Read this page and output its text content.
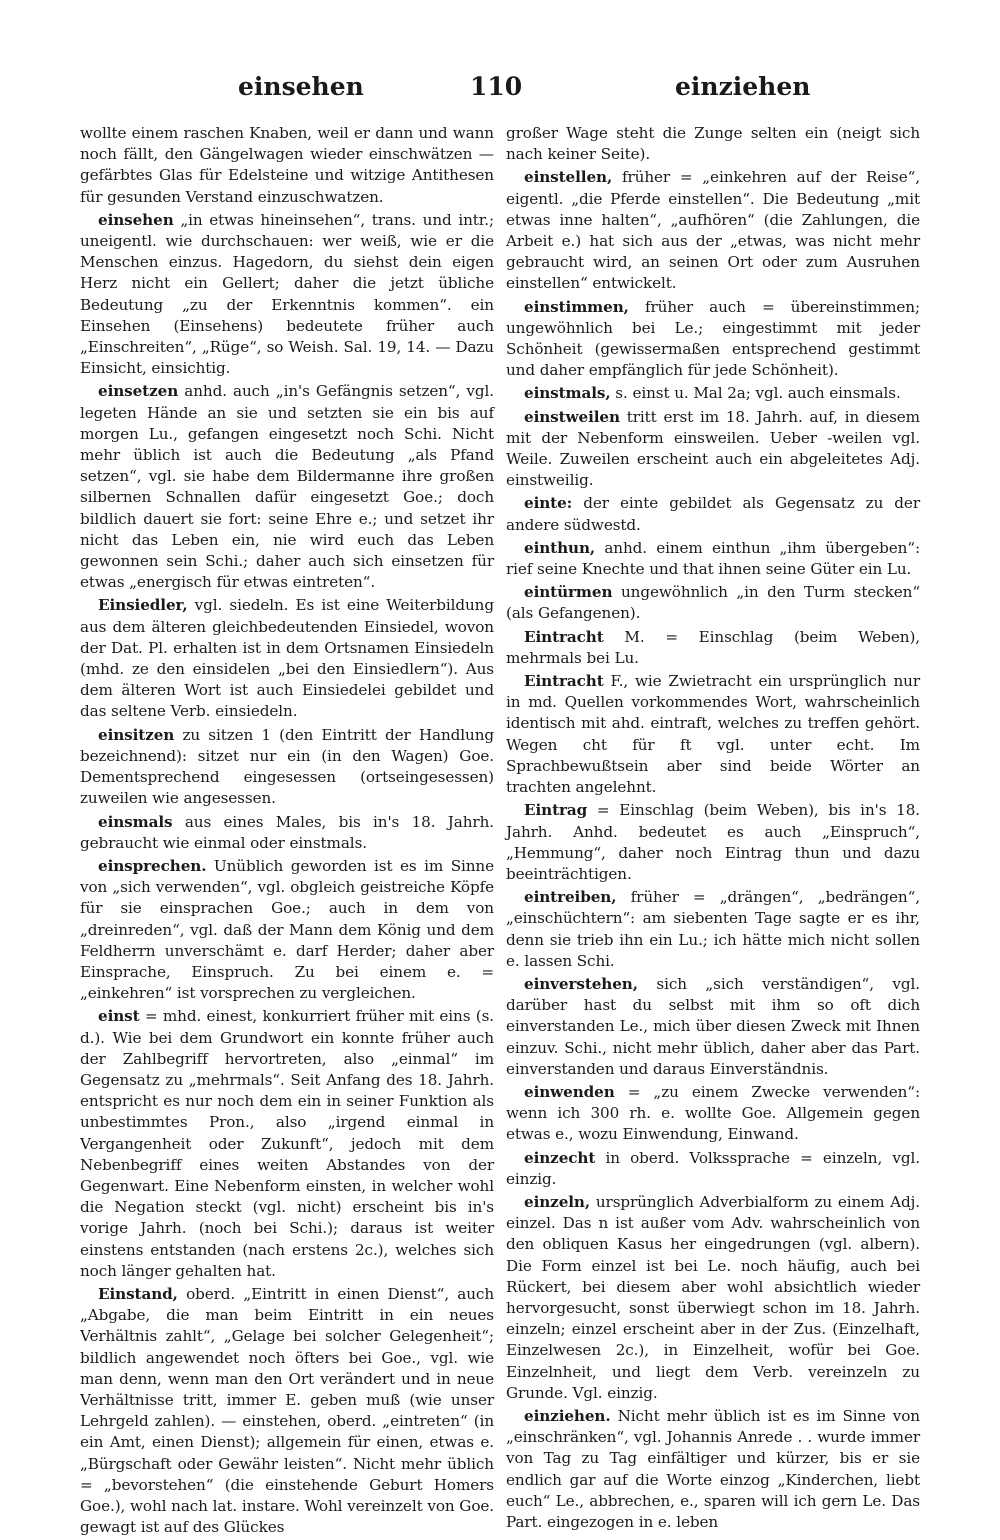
einsehen	110	einziehen

wollte einem raschen Knaben, weil er dann und wann noch fällt, den Gängelwagen wieder einschwätzen — gefärbtes Glas für Edelsteine und witzige Antithesen für gesunden Verstand einzuschwatzen.

einsehen „in etwas hineinsehen“, trans. und intr.; uneigentl. wie durchschauen: wer weiß, wie er die Menschen einzus. Hagedorn, du siehst dein eigen Herz nicht ein Gellert; daher die jetzt übliche Bedeutung „zu der Erkenntnis kommen“. ein Einsehen (Einsehens) bedeutete früher auch „Einschreiten“, „Rüge“, so Weish. Sal. 19, 14. — Dazu Einsicht, einsichtig.

einsetzen anhd. auch „in's Gefängnis setzen“, vgl. legeten Hände an sie und setzten sie ein bis auf morgen Lu., gefangen eingesetzt noch Schi. Nicht mehr üblich ist auch die Bedeutung „als Pfand setzen“, vgl. sie habe dem Bildermanne ihre großen silbernen Schnallen dafür eingesetzt Goe.; doch bildlich dauert sie fort: seine Ehre e.; und setzet ihr nicht das Leben ein, nie wird euch das Leben gewonnen sein Schi.; daher auch sich einsetzen für etwas „energisch für etwas eintreten“.

Einsiedler, vgl. siedeln. Es ist eine Weiterbildung aus dem älteren gleichbedeutenden Einsiedel, wovon der Dat. Pl. erhalten ist in dem Ortsnamen Einsiedeln (mhd. ze den einsidelen „bei den Einsiedlern“). Aus dem älteren Wort ist auch Einsiedelei gebildet und das seltene Verb. einsiedeln.

einsitzen zu sitzen 1 (den Eintritt der Handlung bezeichnend): sitzet nur ein (in den Wagen) Goe. Dementsprechend eingesessen (ortseingesessen) zuweilen wie angesessen.

einsmals aus eines Males, bis in's 18. Jahrh. gebraucht wie einmal oder einstmals.

einsprechen. Unüblich geworden ist es im Sinne von „sich verwenden“, vgl. obgleich geistreiche Köpfe für sie einsprachen Goe.; auch in dem von „dreinreden“, vgl. daß der Mann dem König und dem Feldherrn unverschämt e. darf Herder; daher aber Einsprache, Einspruch. Zu bei einem e. = „einkehren“ ist vorsprechen zu vergleichen.

einst = mhd. einest, konkurriert früher mit eins (s. d.). Wie bei dem Grundwort ein konnte früher auch der Zahlbegriff hervortreten, also „einmal“ im Gegensatz zu „mehrmals“. Seit Anfang des 18. Jahrh. entspricht es nur noch dem ein in seiner Funktion als unbestimmtes Pron., also „irgend einmal in Vergangenheit oder Zukunft“, jedoch mit dem Nebenbegriff eines weiten Abstandes von der Gegenwart. Eine Nebenform einsten, in welcher wohl die Negation steckt (vgl. nicht) erscheint bis in's vorige Jahrh. (noch bei Schi.); daraus ist weiter einstens entstanden (nach erstens 2c.), welches sich noch länger gehalten hat.

Einstand, oberd. „Eintritt in einen Dienst“, auch „Abgabe, die man beim Eintritt in ein neues Verhältnis zahlt“, „Gelage bei solcher Gelegenheit“; bildlich angewendet noch öfters bei Goe., vgl. wie man denn, wenn man den Ort verändert und in neue Verhältnisse tritt, immer E. geben muß (wie unser Lehrgeld zahlen). — einstehen, oberd. „eintreten“ (in ein Amt, einen Dienst); allgemein für einen, etwas e. „Bürgschaft oder Gewähr leisten“. Nicht mehr üblich = „bevorstehen“ (die einstehende Geburt Homers Goe.), wohl nach lat. instare. Wohl vereinzelt von Goe. gewagt ist auf des Glückes

großer Wage steht die Zunge selten ein (neigt sich nach keiner Seite).

einstellen, früher = „einkehren auf der Reise“, eigentl. „die Pferde einstellen“. Die Bedeutung „mit etwas inne halten“, „aufhören“ (die Zahlungen, die Arbeit e.) hat sich aus der „etwas, was nicht mehr gebraucht wird, an seinen Ort oder zum Ausruhen einstellen“ entwickelt.

einstimmen, früher auch = übereinstimmen; ungewöhnlich bei Le.; eingestimmt mit jeder Schönheit (gewissermaßen entsprechend gestimmt und daher empfänglich für jede Schönheit).

einstmals, s. einst u. Mal 2a; vgl. auch einsmals.

einstweilen tritt erst im 18. Jahrh. auf, in diesem mit der Nebenform einsweilen. Ueber -weilen vgl. Weile. Zuweilen erscheint auch ein abgeleitetes Adj. einstweilig.

einte: der einte gebildet als Gegensatz zu der andere südwestd.

einthun, anhd. einem einthun „ihm übergeben“: rief seine Knechte und that ihnen seine Güter ein Lu.

eintürmen ungewöhnlich „in den Turm stecken“ (als Gefangenen).

Eintracht M. = Einschlag (beim Weben), mehrmals bei Lu.

Eintracht F., wie Zwietracht ein ursprünglich nur in md. Quellen vorkommendes Wort, wahrscheinlich identisch mit ahd. eintraft, welches zu treffen gehört. Wegen cht für ft vgl. unter echt. Im Sprachbewußtsein aber sind beide Wörter an trachten angelehnt.

Eintrag = Einschlag (beim Weben), bis in's 18. Jahrh. Anhd. bedeutet es auch „Einspruch“, „Hemmung“, daher noch Eintrag thun und dazu beeinträchtigen.

eintreiben, früher = „drängen“, „bedrängen“, „einschüchtern“: am siebenten Tage sagte er es ihr, denn sie trieb ihn ein Lu.; ich hätte mich nicht sollen e. lassen Schi.

einverstehen, sich „sich verständigen“, vgl. darüber hast du selbst mit ihm so oft dich einverstanden Le., mich über diesen Zweck mit Ihnen einzuv. Schi., nicht mehr üblich, daher aber das Part. einverstanden und daraus Einverständnis.

einwenden = „zu einem Zwecke verwenden“: wenn ich 300 rh. e. wollte Goe. Allgemein gegen etwas e., wozu Einwendung, Einwand.

einzecht in oberd. Volkssprache = einzeln, vgl. einzig.

einzeln, ursprünglich Adverbialform zu einem Adj. einzel. Das n ist außer vom Adv. wahrscheinlich von den obliquen Kasus her eingedrungen (vgl. albern). Die Form einzel ist bei Le. noch häufig, auch bei Rückert, bei diesem aber wohl absichtlich wieder hervorgesucht, sonst überwiegt schon im 18. Jahrh. einzeln; einzel erscheint aber in der Zus. (Einzelhaft, Einzelwesen 2c.), in Einzelheit, wofür bei Goe. Einzelnheit, und liegt dem Verb. vereinzeln zu Grunde. Vgl. einzig.

einziehen. Nicht mehr üblich ist es im Sinne von „einschränken“, vgl. Johannis Anrede . . wurde immer von Tag zu Tag einfältiger und kürzer, bis er sie endlich gar auf die Worte einzog „Kinderchen, liebt euch“ Le., abbrechen, e., sparen will ich gern Le. Das Part. eingezogen in e. leben
